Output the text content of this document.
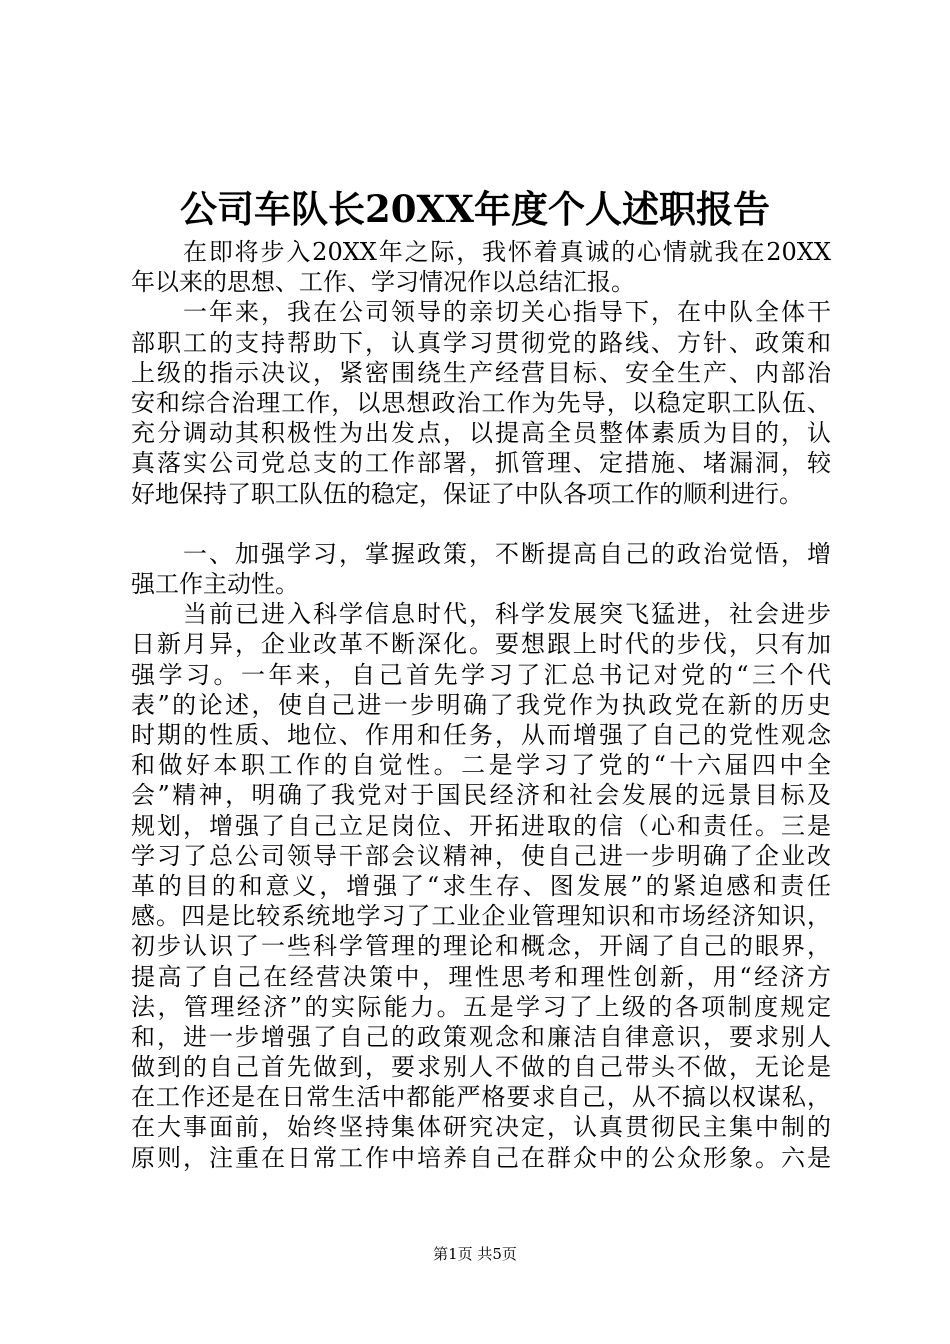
公司车队长20XX年度个人述职报告
在即将步入20XX年之际，我怀着真诚的心情就我在20XX
年以来的思想、工作、学习情况作以总结汇报。
一年来，我在公司领导的亲切关心指导下，在中队全体干
部职工的支持帮助下，认真学习贯彻党的路线、方针、政策和
上级的指示决议，紧密围绕生产经营目标、安全生产、内部治
安和综合治理工作，以思想政治工作为先导，以稳定职工队伍、
充分调动其积极性为出发点，以提高全员整体素质为目的，认
真落实公司党总支的工作部署，抓管理、定措施、堵漏洞，较
好地保持了职工队伍的稳定，保证了中队各项工作的顺利进行。
一、加强学习，掌握政策，不断提高自己的政治觉悟，增
强工作主动性。
当前已进入科学信息时代，科学发展突飞猛进，社会进步
日新月异，企业改革不断深化。要想跟上时代的步伐，只有加
强学习。一年来，自己首先学习了汇总书记对党的“三个代
表”的论述，使自己进一步明确了我党作为执政党在新的历史
时期的性质、地位、作用和任务，从而增强了自己的党性观念
和做好本职工作的自觉性。二是学习了党的“十六届四中全
会”精神，明确了我党对于国民经济和社会发展的远景目标及
规划，增强了自己立足岗位、开拓进取的信（心和责任。三是
学习了总公司领导干部会议精神，使自己进一步明确了企业改
革的目的和意义，增强了“求生存、图发展”的紧迫感和责任
感。四是比较系统地学习了工业企业管理知识和市场经济知识，
初步认识了一些科学管理的理论和概念，开阔了自己的眼界，
提高了自己在经营决策中，理性思考和理性创新，用“经济方
法，管理经济”的实际能力。五是学习了上级的各项制度规定
和，进一步增强了自己的政策观念和廉洁自律意识，要求别人
做到的自己首先做到，要求别人不做的自己带头不做，无论是
在工作还是在日常生活中都能严格要求自己，从不搞以权谋私，
在大事面前，始终坚持集体研究决定，认真贯彻民主集中制的
原则，注重在日常工作中培养自己在群众中的公众形象。六是
第1页 共5页
